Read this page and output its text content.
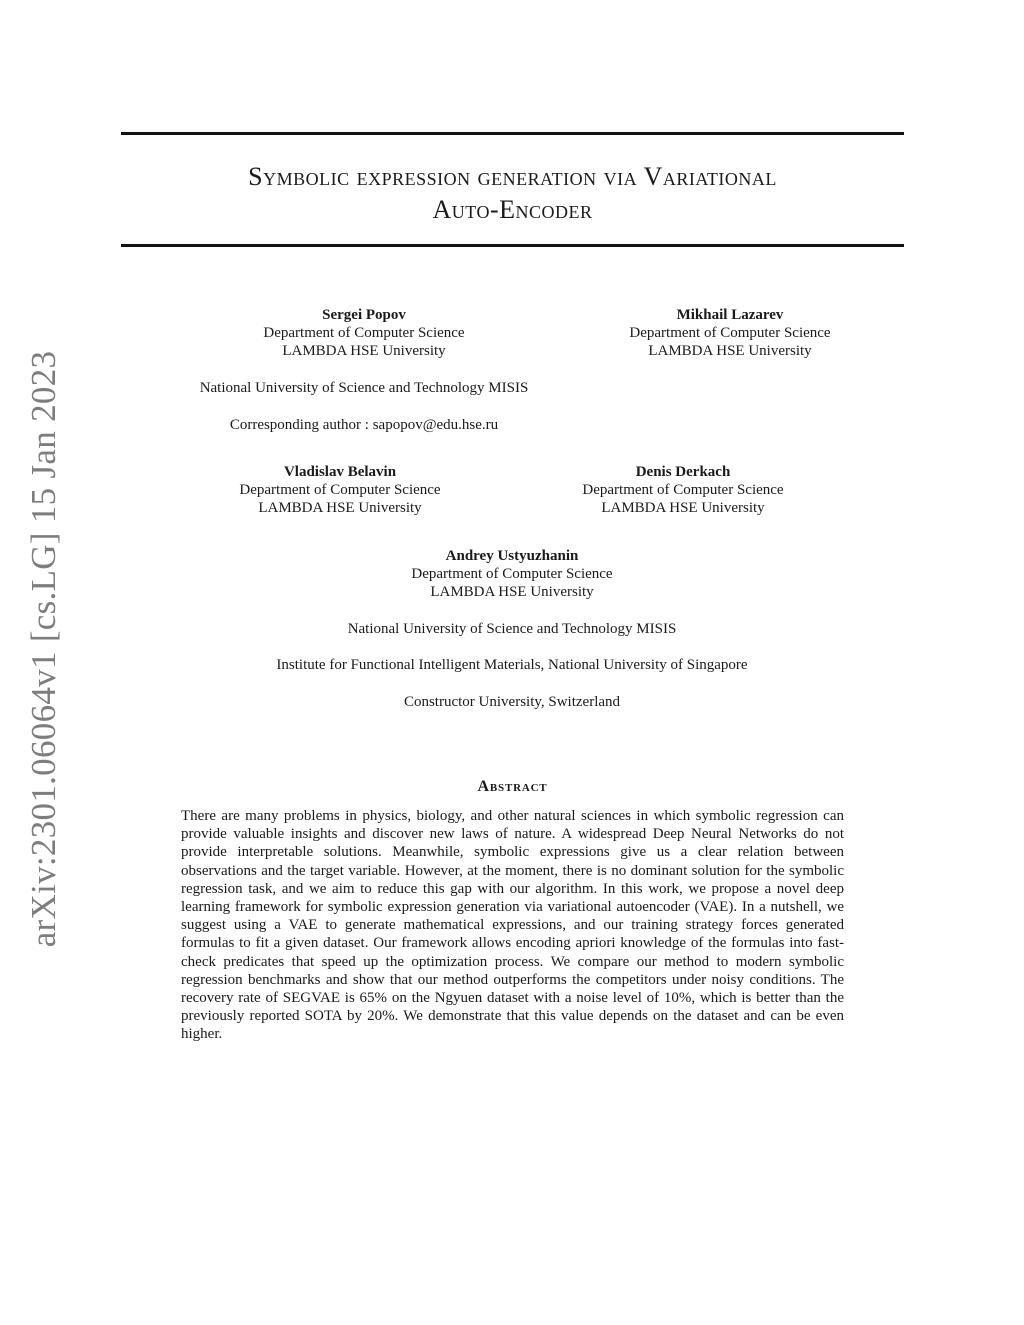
arXiv:2301.06064v1 [cs.LG] 15 Jan 2023
Symbolic expression generation via Variational
Auto-Encoder
Sergei Popov
Department of Computer Science
LAMBDA HSE University
Mikhail Lazarev
Department of Computer Science
LAMBDA HSE University
National University of Science and Technology MISIS
Corresponding author : sapopov@edu.hse.ru
Vladislav Belavin
Department of Computer Science
LAMBDA HSE University
Denis Derkach
Department of Computer Science
LAMBDA HSE University
Andrey Ustyuzhanin
Department of Computer Science
LAMBDA HSE University
National University of Science and Technology MISIS
Institute for Functional Intelligent Materials, National University of Singapore
Constructor University, Switzerland
Abstract
There are many problems in physics, biology, and other natural sciences in which symbolic regression can provide valuable insights and discover new laws of nature. A widespread Deep Neural Networks do not provide interpretable solutions. Meanwhile, symbolic expressions give us a clear relation between observations and the target variable. However, at the moment, there is no dominant solution for the symbolic regression task, and we aim to reduce this gap with our algorithm. In this work, we propose a novel deep learning framework for symbolic expression generation via variational autoencoder (VAE). In a nutshell, we suggest using a VAE to generate mathematical expressions, and our training strategy forces generated formulas to fit a given dataset. Our framework allows encoding apriori knowledge of the formulas into fast-check predicates that speed up the optimization process. We compare our method to modern symbolic regression benchmarks and show that our method outperforms the competitors under noisy conditions. The recovery rate of SEGVAE is 65% on the Ngyuen dataset with a noise level of 10%, which is better than the previously reported SOTA by 20%. We demonstrate that this value depends on the dataset and can be even higher.
